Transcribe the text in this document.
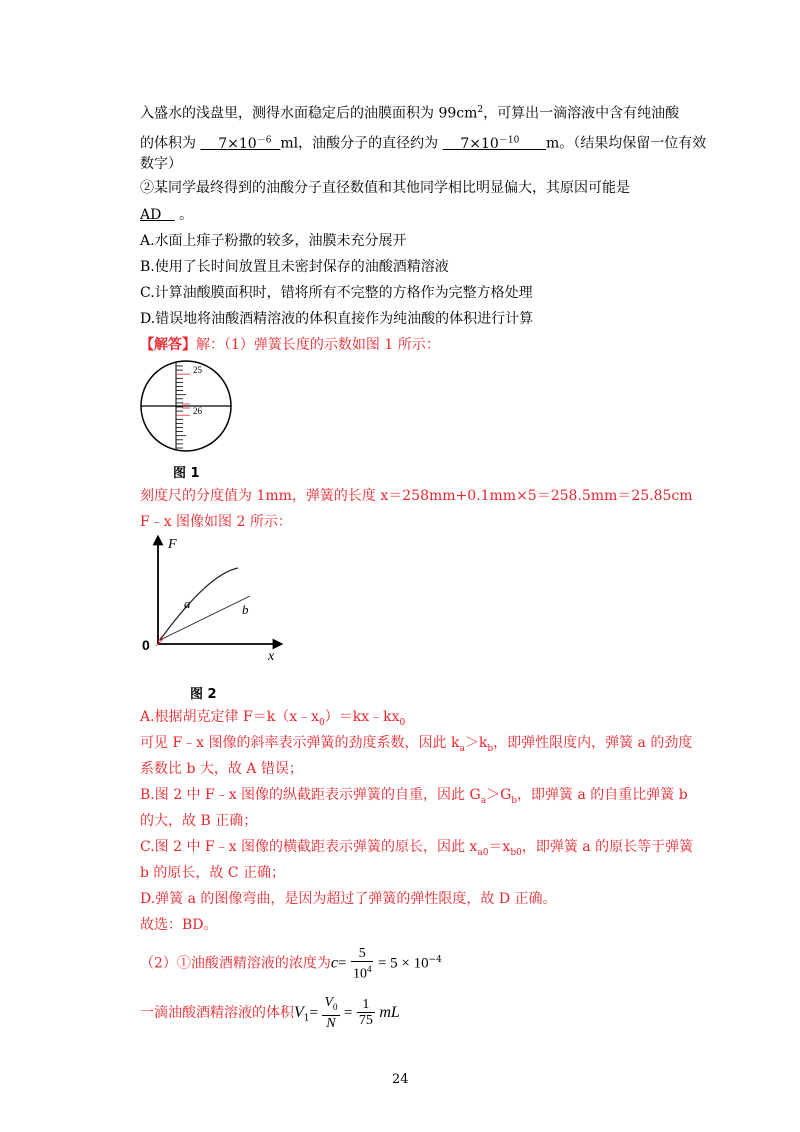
入盛水的浅盘里，测得水面稳定后的油膜面积为 $99cm^2$，可算出一滴溶液中含有纯油酸
的体积为 $7\times 10^{-6}$ ml，油酸分子的直径约为 $7\times 10^{-10}$ m。（结果均保留一位有效
数字）
②某同学最终得到的油酸分子直径数值和其他同学相比明显偏大，其原因可能是
AD 。
A.水面上痱子粉撒的较多，油膜未充分展开
B.使用了长时间放置且未密封保存的油酸酒精溶液
C.计算油酸膜面积时，错将所有不完整的方格作为完整方格处理
D.错误地将油酸酒精溶液的体积直接作为纯油酸的体积进行计算
【解答】解：（1）弹簧长度的示数如图 1 所示：
25
26
图 1
刻度尺的分度值为 1mm，弹簧的长度 x＝258mm+0.1mm×5＝258.5mm＝25.85cm
F﹣x 图像如图 2 所示：
F
x
0
a	b
图 2
A.根据胡克定律 $F=k(x﹣x_0)=kx﹣kx_0$
可见 F﹣x 图像的斜率表示弹簧的劲度系数，因此 $k_a>k_b$，即弹性限度内，弹簧 a 的劲度
系数比 b 大，故 A 错误；
B.图 2 中 F﹣x 图像的纵截距表示弹簧的自重，因此 $G_a>G_b$，即弹簧 a 的自重比弹簧 b
的大，故 B 正确；
C.图 2 中 F﹣x 图像的横截距表示弹簧的原长，因此 $x_{a0}=x_{b0}$，即弹簧 a 的原长等于弹簧
b 的原长，故 C 正确；
D.弹簧 a 的图像弯曲，是因为超过了弹簧的弹性限度，故 D 正确。
故选：BD。
（2）①油酸酒精溶液的浓度为$c= \frac{5}{10^4} = 5 \times 10^{-4}$
一滴油酸酒精溶液的体积$V_1= \frac{V_0}{N} = \frac{1}{75}$ mL
24
